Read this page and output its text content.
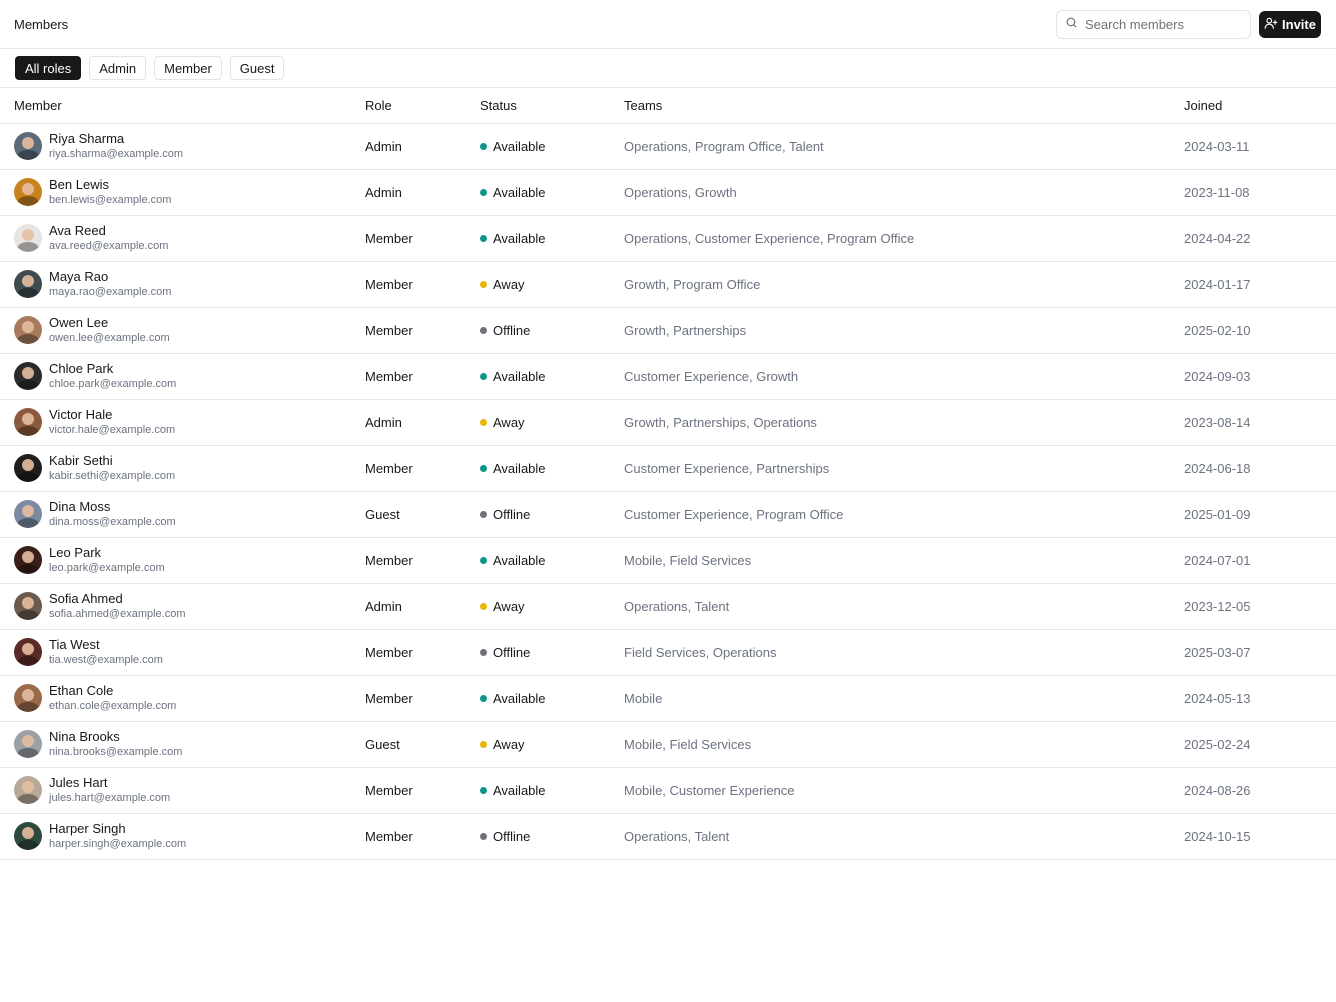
Members
Search members	Invite
All roles	Admin	Member	Guest
Member	Role	Status	Teams	Joined

Riya Sharma
riya.sharma@example.com	Admin	Available	Operations, Program Office, Talent	2024-03-11

Ben Lewis
ben.lewis@example.com	Admin	Available	Operations, Growth	2023-11-08

Ava Reed
ava.reed@example.com	Member	Available	Operations, Customer Experience, Program Office	2024-04-22

Maya Rao
maya.rao@example.com	Member	Away	Growth, Program Office	2024-01-17

Owen Lee
owen.lee@example.com	Member	Offline	Growth, Partnerships	2025-02-10

Chloe Park
chloe.park@example.com	Member	Available	Customer Experience, Growth	2024-09-03

Victor Hale
victor.hale@example.com	Admin	Away	Growth, Partnerships, Operations	2023-08-14

Kabir Sethi
kabir.sethi@example.com	Member	Available	Customer Experience, Partnerships	2024-06-18

Dina Moss
dina.moss@example.com	Guest	Offline	Customer Experience, Program Office	2025-01-09

Leo Park
leo.park@example.com	Member	Available	Mobile, Field Services	2024-07-01

Sofia Ahmed
sofia.ahmed@example.com	Admin	Away	Operations, Talent	2023-12-05

Tia West
tia.west@example.com	Member	Offline	Field Services, Operations	2025-03-07

Ethan Cole
ethan.cole@example.com	Member	Available	Mobile	2024-05-13

Nina Brooks
nina.brooks@example.com	Guest	Away	Mobile, Field Services	2025-02-24

Jules Hart
jules.hart@example.com	Member	Available	Mobile, Customer Experience	2024-08-26

Harper Singh
harper.singh@example.com	Member	Offline	Operations, Talent	2024-10-15
